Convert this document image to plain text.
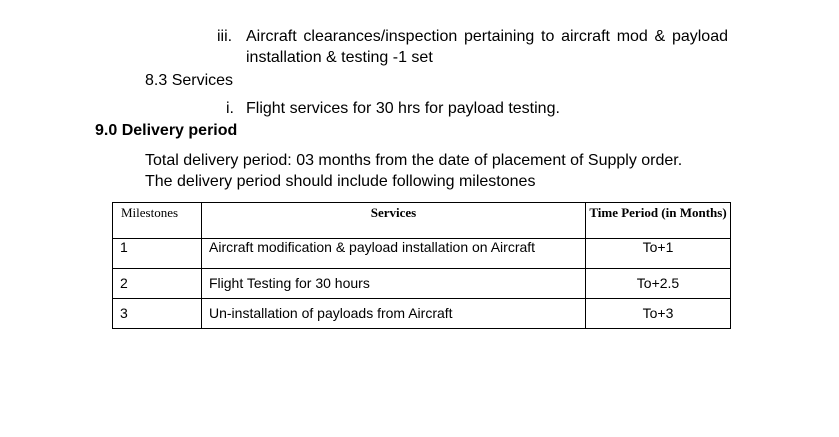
iii. Aircraft clearances/inspection pertaining to aircraft mod & payload installation & testing -1 set
8.3 Services
i. Flight services for 30 hrs for payload testing.
9.0 Delivery period
Total delivery period: 03 months from the date of placement of Supply order.
The delivery period should include following milestones
Milestones	Services	Time Period (in Months)
1	Aircraft modification & payload installation on Aircraft	To+1
2	Flight Testing for 30 hours	To+2.5
3	Un-installation of payloads from Aircraft	To+3
